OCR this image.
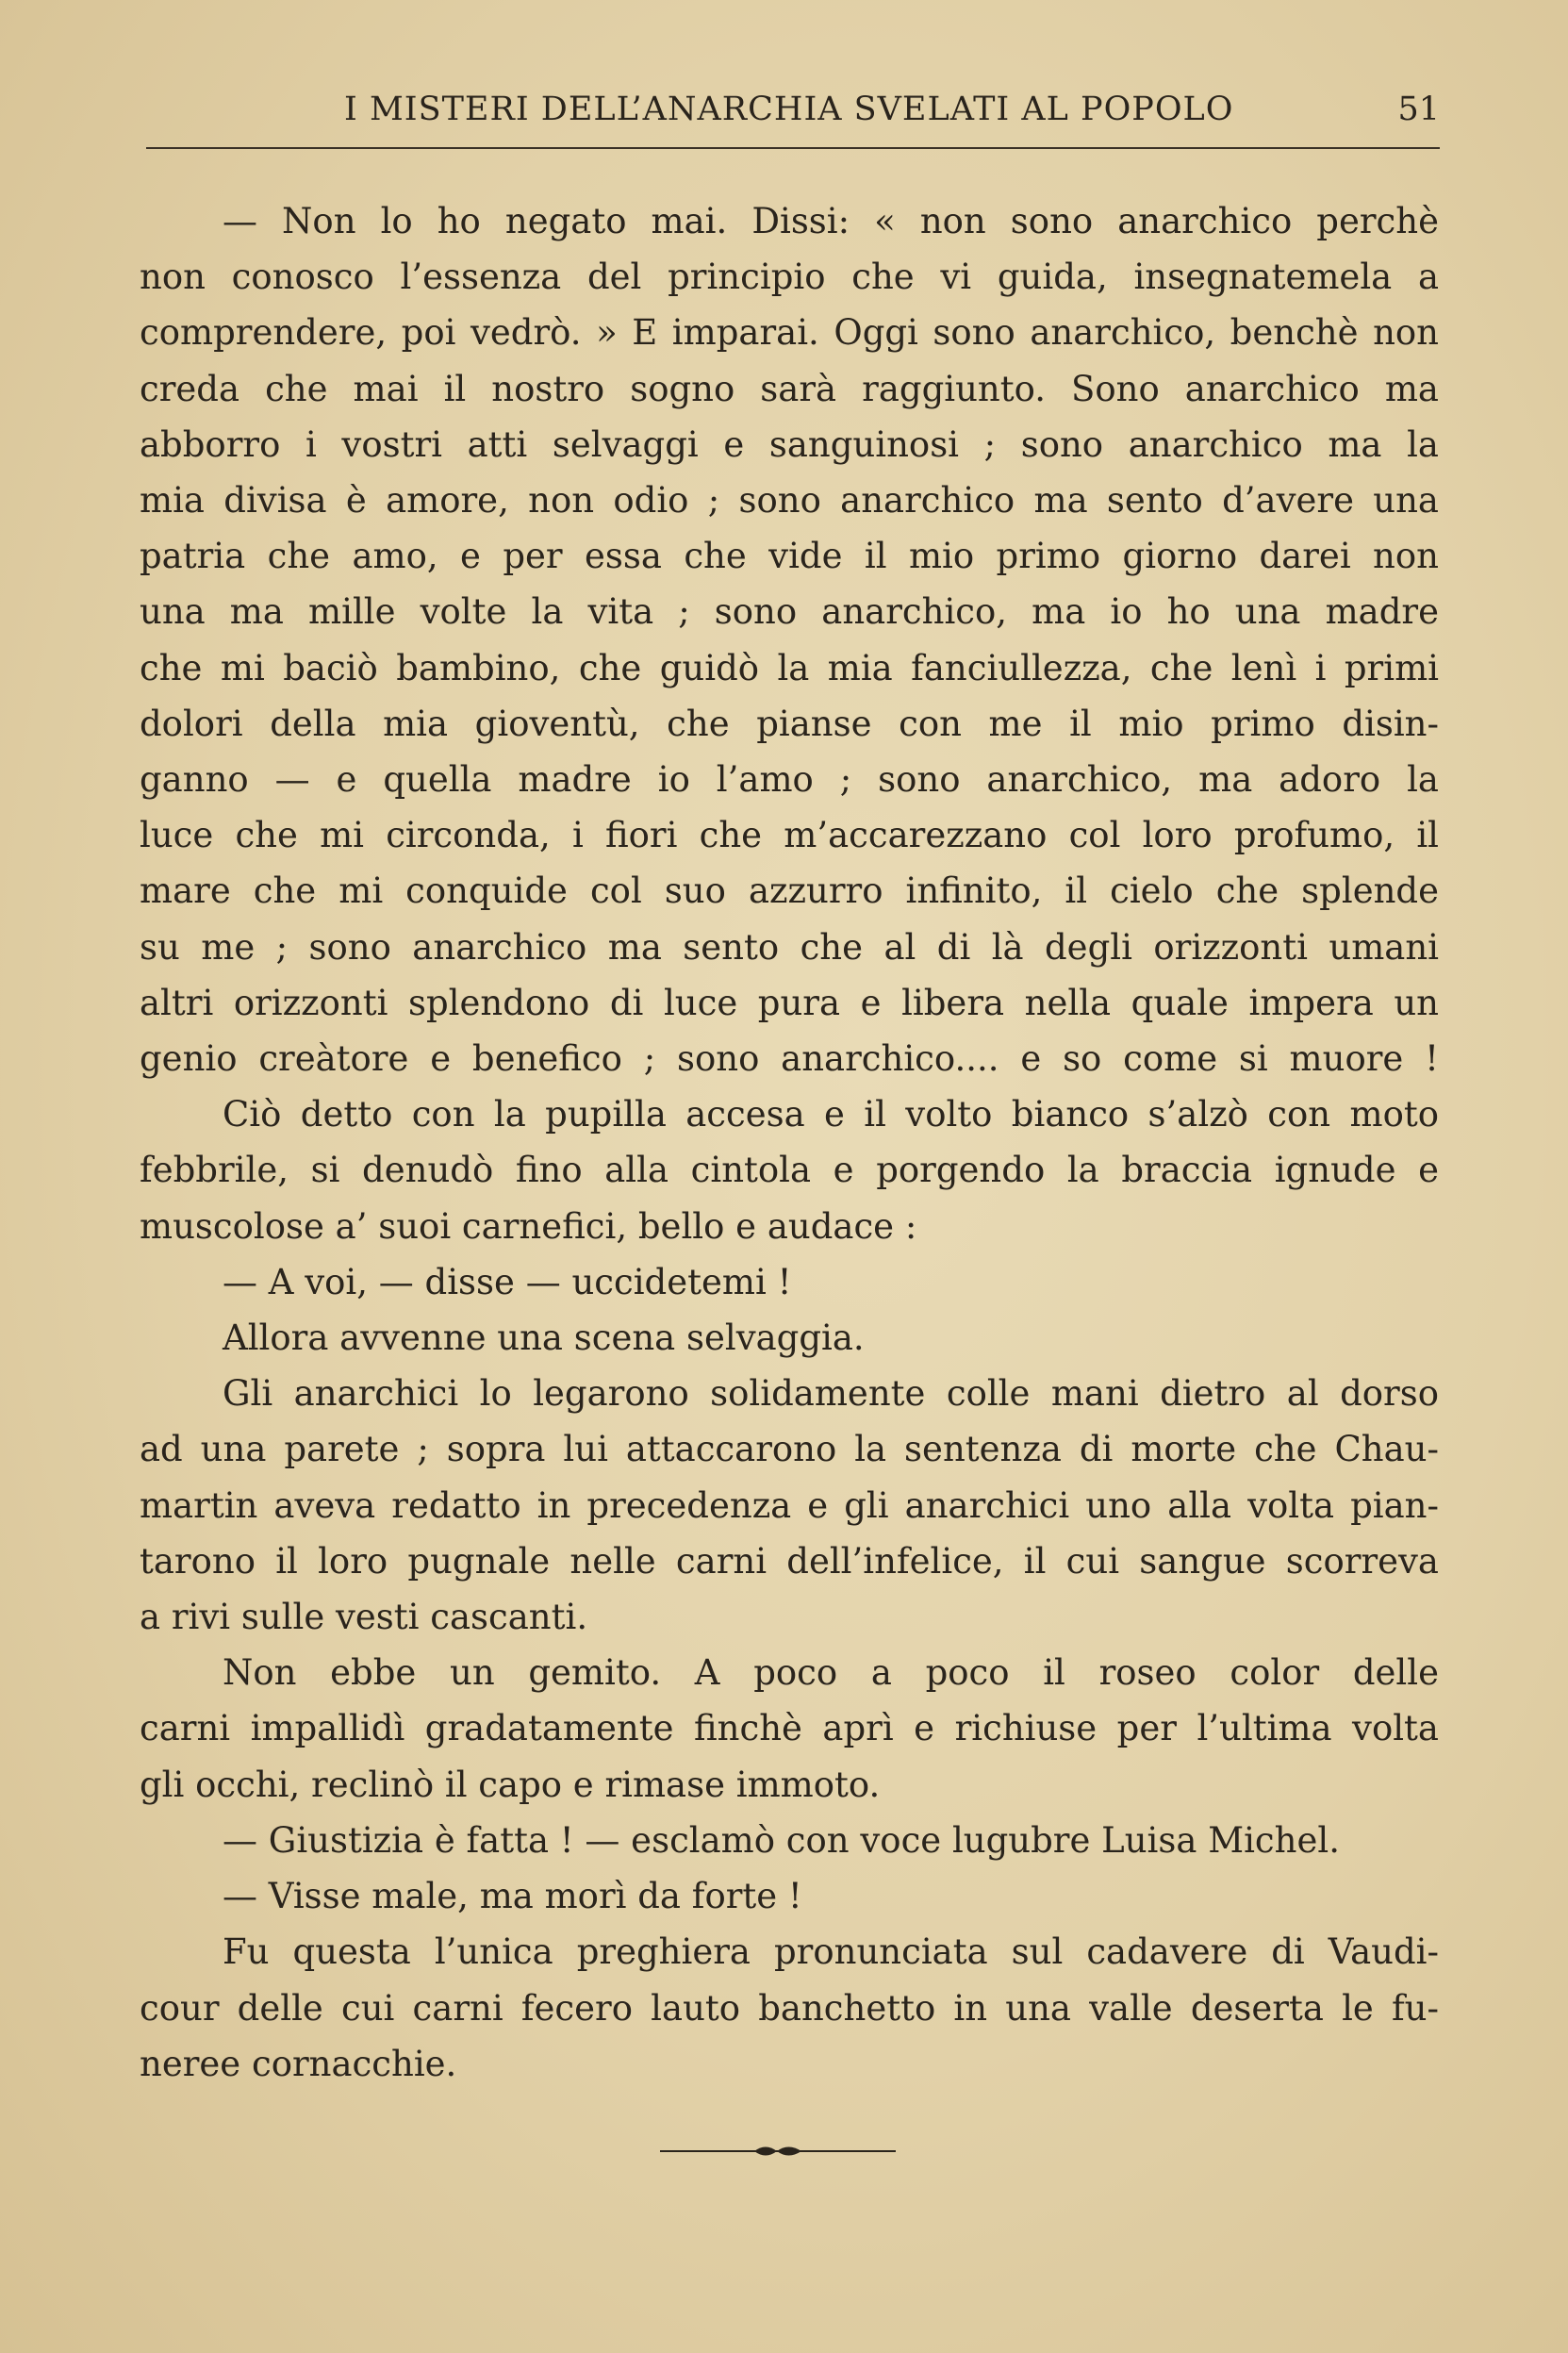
I MISTERI DELL’ANARCHIA SVELATI AL POPOLO	51

— Non lo ho negato mai. Dissi: « non sono anarchico perchè

non conosco l’essenza del principio che vi guida, insegnatemela a

comprendere, poi vedrò. » E imparai. Oggi sono anarchico, benchè non

creda che mai il nostro sogno sarà raggiunto. Sono anarchico ma

abborro i vostri atti selvaggi e sanguinosi ; sono anarchico ma la

mia divisa è amore, non odio ; sono anarchico ma sento d’avere una

patria che amo, e per essa che vide il mio primo giorno darei non

una ma mille volte la vita ; sono anarchico, ma io ho una madre

che mi baciò bambino, che guidò la mia fanciullezza, che lenì i primi

dolori della mia gioventù, che pianse con me il mio primo disin-

ganno — e quella madre io l’amo ; sono anarchico, ma adoro la

luce che mi circonda, i fiori che m’accarezzano col loro profumo, il

mare che mi conquide col suo azzurro infinito, il cielo che splende

su me ; sono anarchico ma sento che al di là degli orizzonti umani

altri orizzonti splendono di luce pura e libera nella quale impera un

genio creàtore e benefico ; sono anarchico.... e so come si muore !

Ciò detto con la pupilla accesa e il volto bianco s’alzò con moto

febbrile, si denudò fino alla cintola e porgendo la braccia ignude e

muscolose a’ suoi carnefici, bello e audace :

— A voi, — disse — uccidetemi !

Allora avvenne una scena selvaggia.

Gli anarchici lo legarono solidamente colle mani dietro al dorso

ad una parete ; sopra lui attaccarono la sentenza di morte che Chau-

martin aveva redatto in precedenza e gli anarchici uno alla volta pian-

tarono il loro pugnale nelle carni dell’infelice, il cui sangue scorreva

a rivi sulle vesti cascanti.

Non ebbe un gemito. A poco a poco il roseo color delle

carni impallidì gradatamente finchè aprì e richiuse per l’ultima volta

gli occhi, reclinò il capo e rimase immoto.

— Giustizia è fatta ! — esclamò con voce lugubre Luisa Michel.

— Visse male, ma morì da forte !

Fu questa l’unica preghiera pronunciata sul cadavere di Vaudi-

cour delle cui carni fecero lauto banchetto in una valle deserta le fu-

neree cornacchie.
